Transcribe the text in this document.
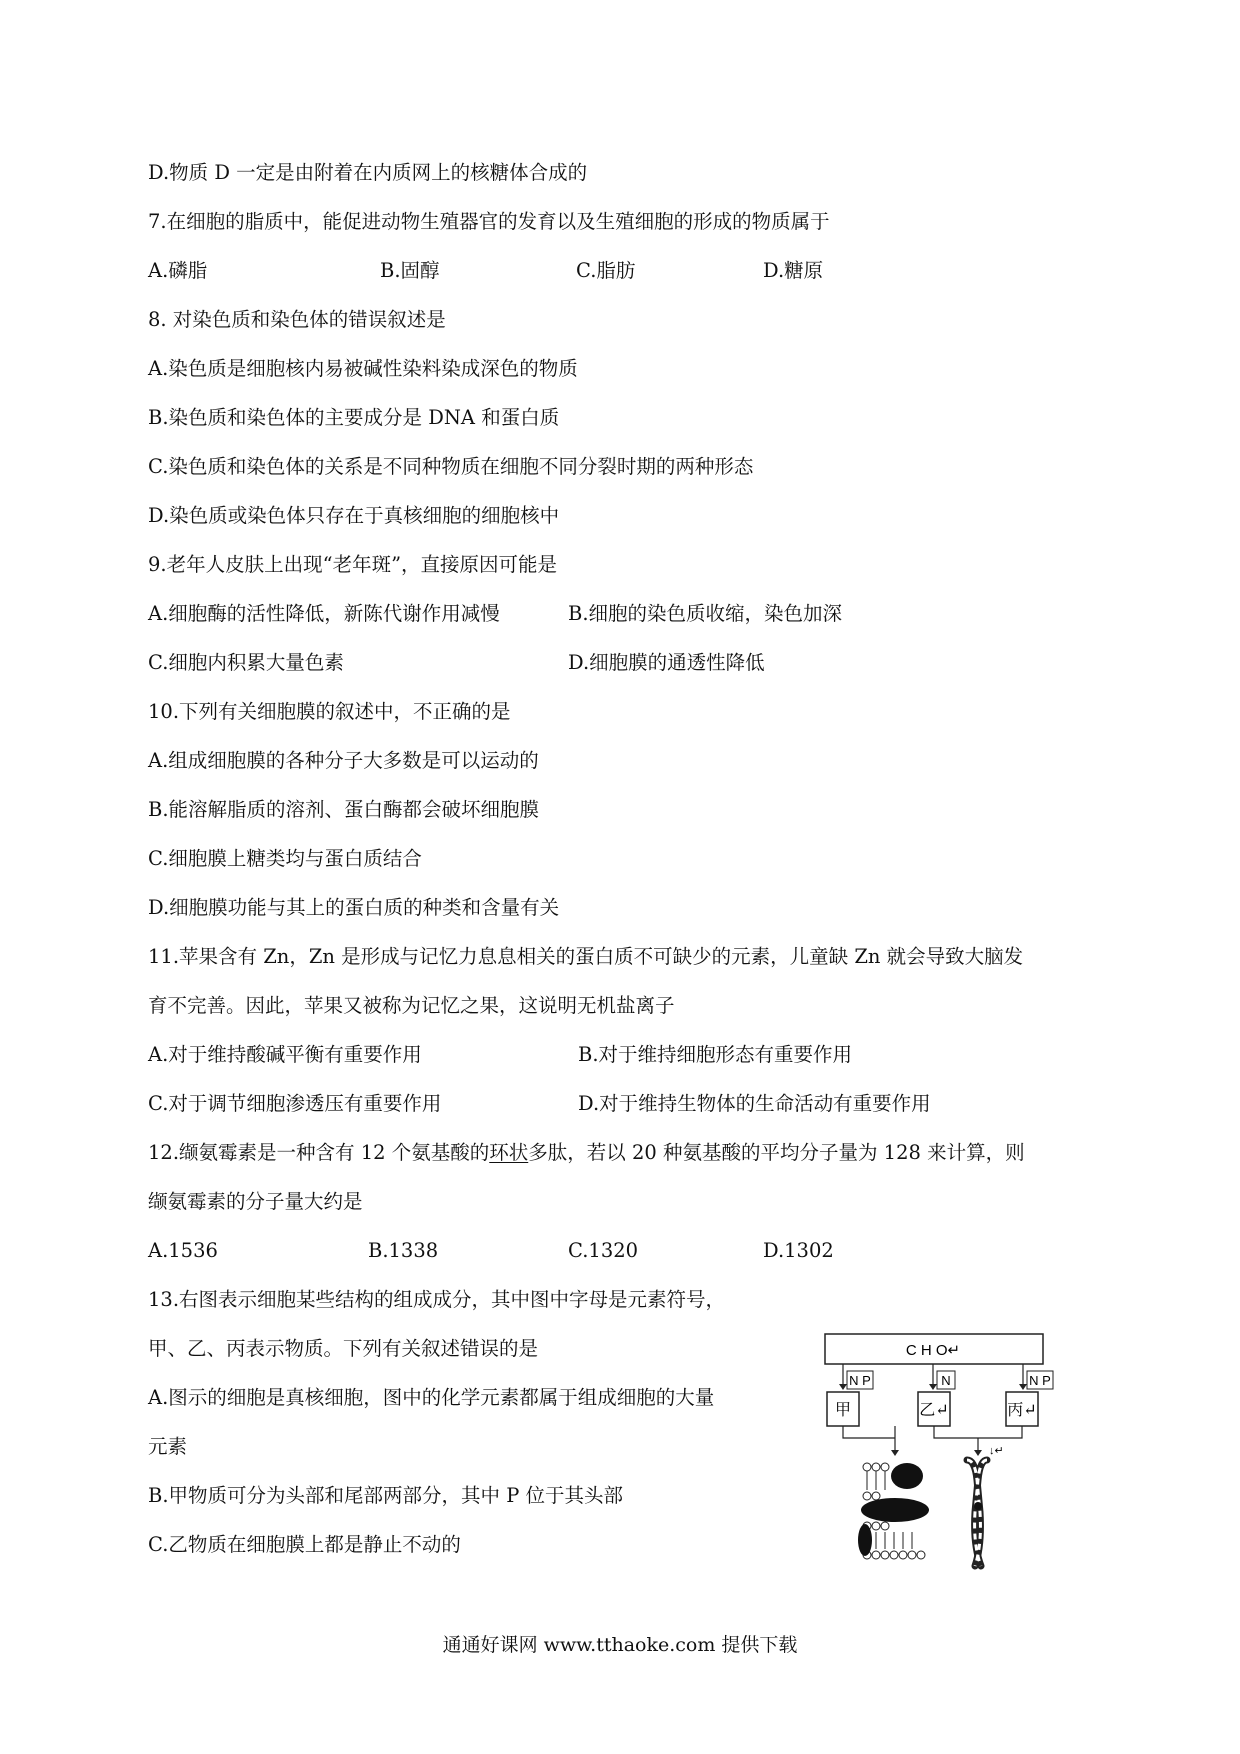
D.物质 D 一定是由附着在内质网上的核糖体合成的
7.在细胞的脂质中，能促进动物生殖器官的发育以及生殖细胞的形成的物质属于
A.磷脂	B.固醇	C.脂肪	D.糖原
8. 对染色质和染色体的错误叙述是
A.染色质是细胞核内易被碱性染料染成深色的物质
B.染色质和染色体的主要成分是 DNA 和蛋白质
C.染色质和染色体的关系是不同种物质在细胞不同分裂时期的两种形态
D.染色质或染色体只存在于真核细胞的细胞核中
9.老年人皮肤上出现“老年斑”，直接原因可能是
A.细胞酶的活性降低，新陈代谢作用减慢	B.细胞的染色质收缩，染色加深
C.细胞内积累大量色素	D.细胞膜的通透性降低
10.下列有关细胞膜的叙述中，不正确的是
A.组成细胞膜的各种分子大多数是可以运动的
B.能溶解脂质的溶剂、蛋白酶都会破坏细胞膜
C.细胞膜上糖类均与蛋白质结合
D.细胞膜功能与其上的蛋白质的种类和含量有关
11.苹果含有 Zn，Zn 是形成与记忆力息息相关的蛋白质不可缺少的元素，儿童缺 Zn 就会导致大脑发
育不完善。因此，苹果又被称为记忆之果，这说明无机盐离子
A.对于维持酸碱平衡有重要作用	B.对于维持细胞形态有重要作用
C.对于调节细胞渗透压有重要作用	D.对于维持生物体的生命活动有重要作用
12.缬氨霉素是一种含有 12 个氨基酸的环状多肽，若以 20 种氨基酸的平均分子量为 128 来计算，则
缬氨霉素的分子量大约是
A.1536	B.1338	C.1320	D.1302
13.右图表示细胞某些结构的组成成分，其中图中字母是元素符号，
甲、乙、丙表示物质。下列有关叙述错误的是
A.图示的细胞是真核细胞，图中的化学元素都属于组成细胞的大量
元素
B.甲物质可分为头部和尾部两部分，其中 P 位于其头部
C.乙物质在细胞膜上都是静止不动的
C H O↵
N P	N	N P
甲	乙↵	丙↵
↓↵
通通好课网 www.tthaoke.com 提供下载
